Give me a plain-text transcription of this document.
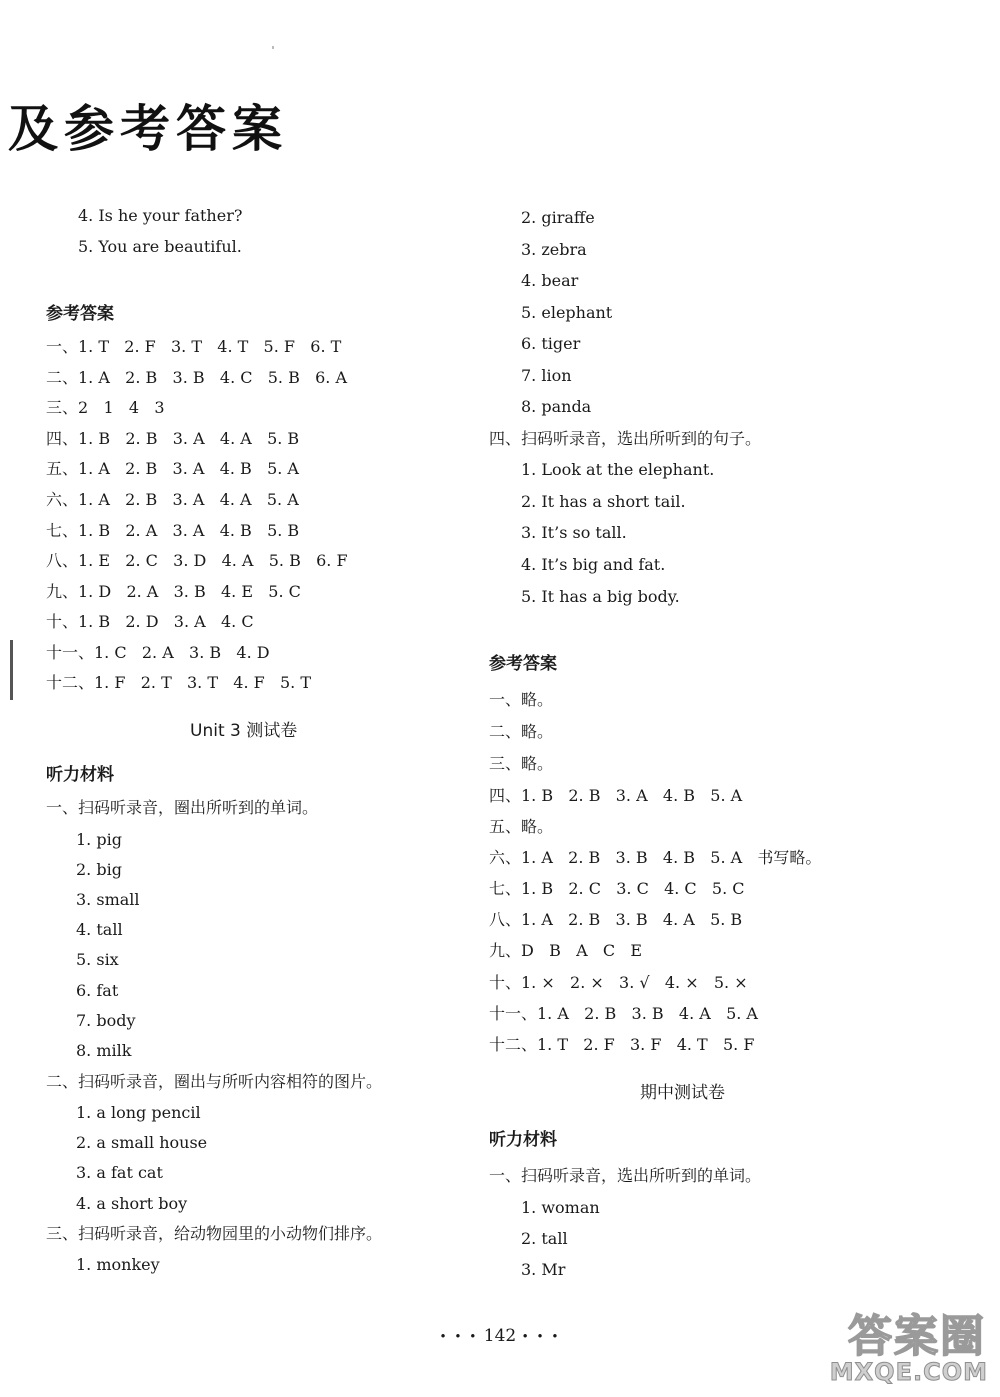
及参考答案
4. Is he your father?
5. You are beautiful.
参考答案
一、1. T   2. F   3. T   4. T   5. F   6. T
二、1. A   2. B   3. B   4. C   5. B   6. A
三、2   1   4   3
四、1. B   2. B   3. A   4. A   5. B
五、1. A   2. B   3. A   4. B   5. A
六、1. A   2. B   3. A   4. A   5. A
七、1. B   2. A   3. A   4. B   5. B
八、1. E   2. C   3. D   4. A   5. B   6. F
九、1. D   2. A   3. B   4. E   5. C
十、1. B   2. D   3. A   4. C
十一、1. C   2. A   3. B   4. D
十二、1. F   2. T   3. T   4. F   5. T
Unit 3 测试卷
听力材料
一、扫码听录音，圈出所听到的单词。
1. pig
2. big
3. small
4. tall
5. six
6. fat
7. body
8. milk
二、扫码听录音，圈出与所听内容相符的图片。
1. a long pencil
2. a small house
3. a fat cat
4. a short boy
三、扫码听录音，给动物园里的小动物们排序。
1. monkey
2. giraffe
3. zebra
4. bear
5. elephant
6. tiger
7. lion
8. panda
四、扫码听录音，选出所听到的句子。
1. Look at the elephant.
2. It has a short tail.
3. It’s so tall.
4. It’s big and fat.
5. It has a big body.
参考答案
一、略。
二、略。
三、略。
四、1. B   2. B   3. A   4. B   5. A
五、略。
六、1. A   2. B   3. B   4. B   5. A   书写略。
七、1. B   2. C   3. C   4. C   5. C
八、1. A   2. B   3. B   4. A   5. B
九、D   B   A   C   E
十、1. ×   2. ×   3. √   4. ×   5. ×
十一、1. A   2. B   3. B   4. A   5. A
十二、1. T   2. F   3. F   4. T   5. F
期中测试卷
听力材料
一、扫码听录音，选出所听到的单词。
1. woman
2. tall
3. Mr
• • • 142 • • •	答案圈
MXQE.COM
